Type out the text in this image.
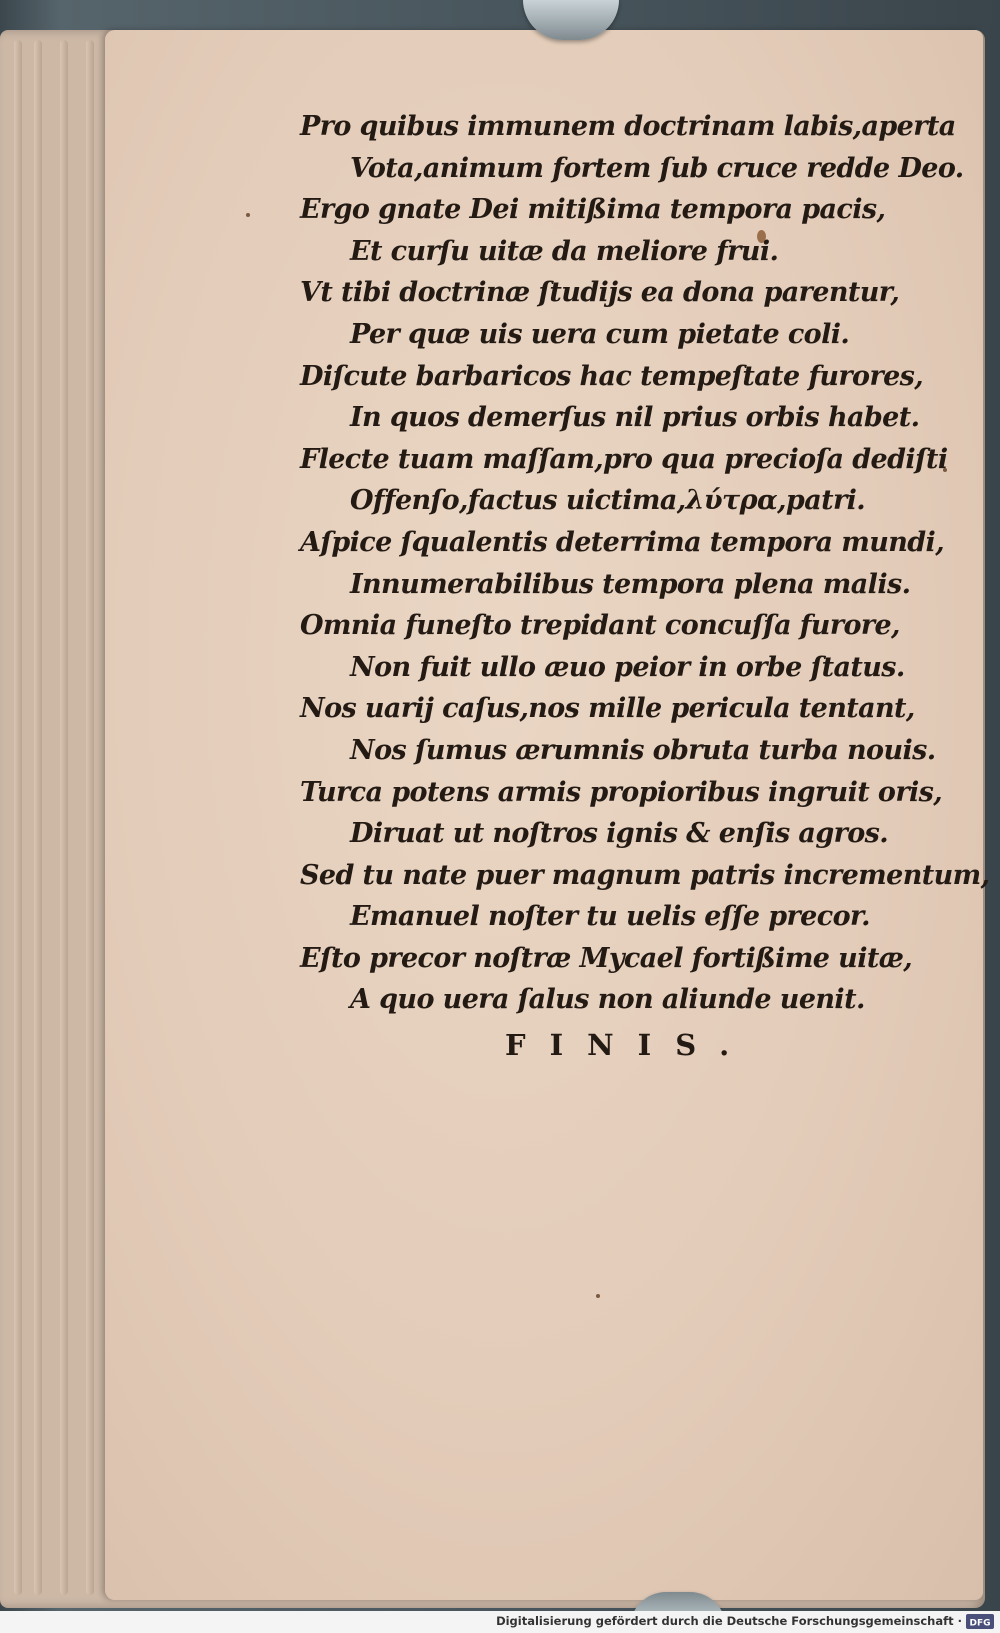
Pro quibus immunem doctrinam labis,aperta
Vota,animum fortem ſub cruce redde Deo.
Ergo gnate Dei mitißima tempora pacis,
Et curſu uitæ da meliore frui.
Vt tibi doctrinæ ſtudijs ea dona parentur,
Per quæ uis uera cum pietate coli.
Diſcute barbaricos hac tempeſtate furores,
In quos demerſus nil prius orbis habet.
Flecte tuam maſſam,pro qua precioſa dediſti
Offenſo,factus uictima,λύτρα,patri.
Aſpice ſqualentis deterrima tempora mundi,
Innumerabilibus tempora plena malis.
Omnia funeſto trepidant concuſſa furore,
Non fuit ullo æuo peior in orbe ſtatus.
Nos uarij caſus,nos mille pericula tentant,
Nos ſumus ærumnis obruta turba nouis.
Turca potens armis propioribus ingruit oris,
Diruat ut noſtros ignis & enſis agros.
Sed tu nate puer magnum patris incrementum,
Emanuel noſter tu uelis eſſe precor.
Eſto precor noſtræ Mycael fortißime uitæ,
A quo uera ſalus non aliunde uenit.
FINIS.
Digitalisierung gefördert durch die Deutsche Forschungsgemeinschaft · DFG
